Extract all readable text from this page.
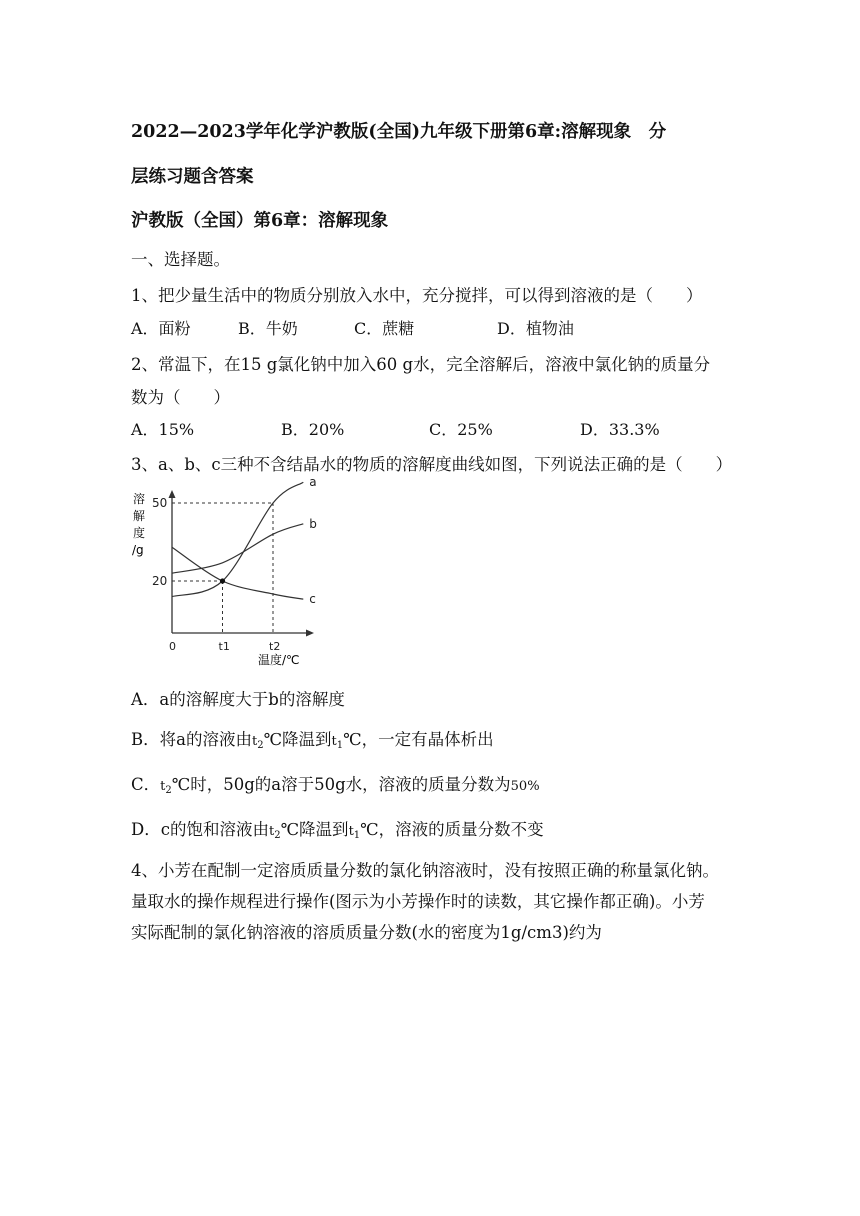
2022—2023学年化学沪教版(全国)九年级下册第6章:溶解现象　分
层练习题含答案
沪教版（全国）第6章：溶解现象
一、选择题。
1、把少量生活中的物质分别放入水中，充分搅拌，可以得到溶液的是（　　）
A．面粉	B．牛奶	C．蔗糖	D．植物油
2、常温下，在15 g氯化钠中加入60 g水，完全溶解后，溶液中氯化钠的质量分
数为（　　）
A．15%	B．20%	C．25%	D．33.3%
3、a、b、c三种不含结晶水的物质的溶解度曲线如图，下列说法正确的是（　　）
a
b
c
20
50
0	t1	t2
溶
解
度
/g
温度/℃
A．a的溶解度大于b的溶解度
B．将a的溶液由$t_2℃$降温到$t_1℃$，一定有晶体析出
C．$t_2℃$时，50g的a溶于50g水，溶液的质量分数为50%
D．c的饱和溶液由$t_2℃$降温到$t_1℃$，溶液的质量分数不变
4、小芳在配制一定溶质质量分数的氯化钠溶液时，没有按照正确的称量氯化钠。
量取水的操作规程进行操作(图示为小芳操作时的读数，其它操作都正确)。小芳
实际配制的氯化钠溶液的溶质质量分数(水的密度为1g/cm3)约为
